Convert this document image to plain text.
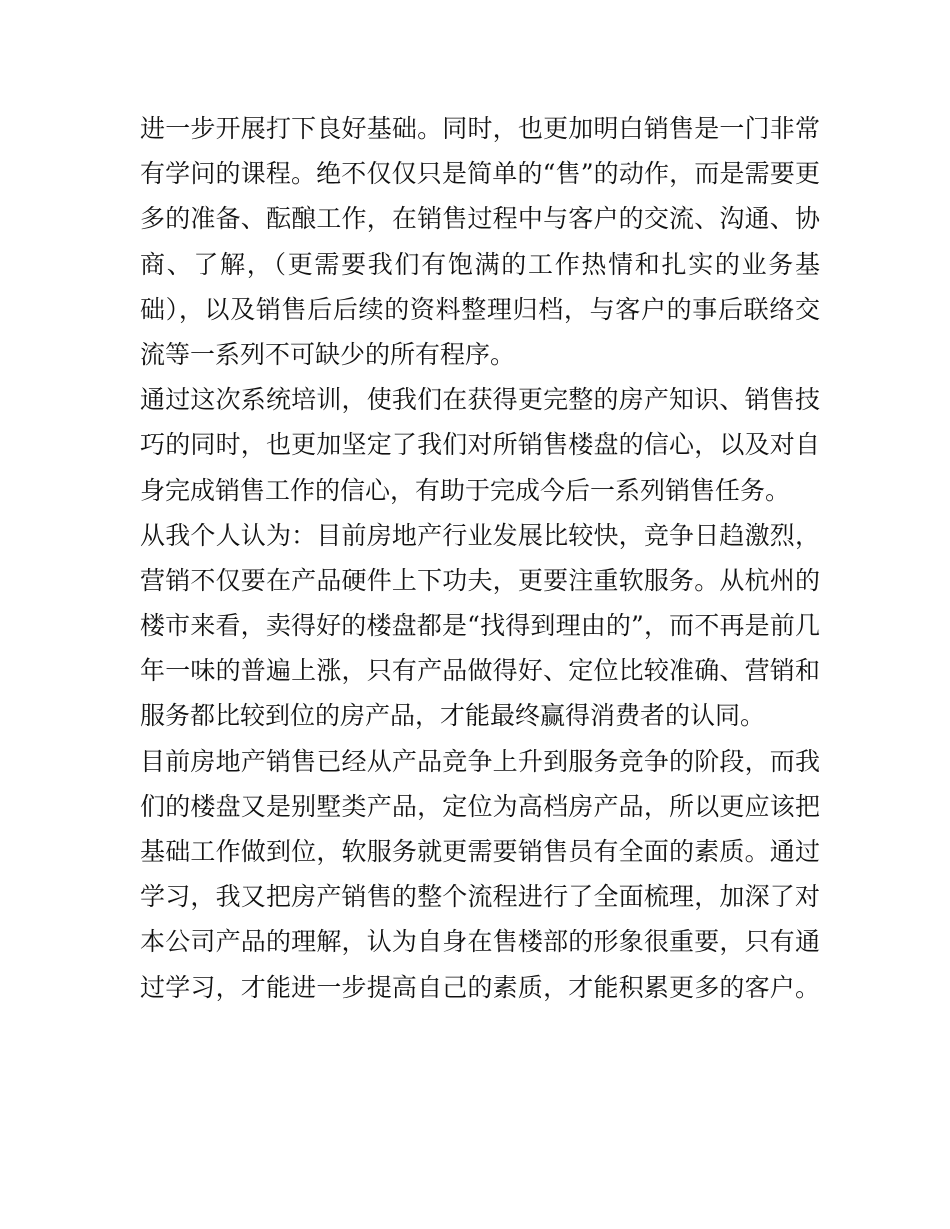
进一步开展打下良好基础。同时，也更加明白销售是一门非常
有学问的课程。绝不仅仅只是简单的“售”的动作，而是需要更
多的准备、酝酿工作，在销售过程中与客户的交流、沟通、协
商、了解，（更需要我们有饱满的工作热情和扎实的业务基
础），以及销售后后续的资料整理归档，与客户的事后联络交
流等一系列不可缺少的所有程序。
通过这次系统培训，使我们在获得更完整的房产知识、销售技
巧的同时，也更加坚定了我们对所销售楼盘的信心，以及对自
身完成销售工作的信心，有助于完成今后一系列销售任务。
从我个人认为：目前房地产行业发展比较快，竞争日趋激烈，
营销不仅要在产品硬件上下功夫，更要注重软服务。从杭州的
楼市来看，卖得好的楼盘都是“找得到理由的”，而不再是前几
年一味的普遍上涨，只有产品做得好、定位比较准确、营销和
服务都比较到位的房产品，才能最终赢得消费者的认同。
目前房地产销售已经从产品竞争上升到服务竞争的阶段，而我
们的楼盘又是别墅类产品，定位为高档房产品，所以更应该把
基础工作做到位，软服务就更需要销售员有全面的素质。通过
学习，我又把房产销售的整个流程进行了全面梳理，加深了对
本公司产品的理解，认为自身在售楼部的形象很重要，只有通
过学习，才能进一步提高自己的素质，才能积累更多的客户。
